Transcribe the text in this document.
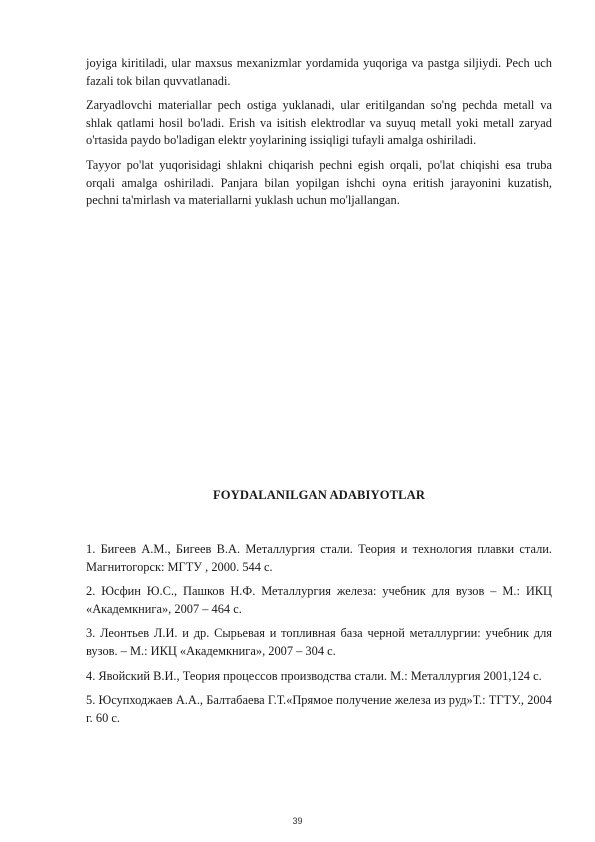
joyiga kiritiladi, ular maxsus mexanizmlar yordamida yuqoriga va pastga siljiydi. Pech uch fazali tok bilan quvvatlanadi.

Zaryadlovchi materiallar pech ostiga yuklanadi, ular eritilgandan so'ng pechda metall va shlak qatlami hosil bo'ladi. Erish va isitish elektrodlar va suyuq metall yoki metall zaryad o'rtasida paydo bo'ladigan elektr yoylarining issiqligi tufayli amalga oshiriladi.

Tayyor po'lat yuqorisidagi shlakni chiqarish pechni egish orqali, po'lat chiqishi esa truba orqali amalga oshiriladi. Panjara bilan yopilgan ishchi oyna eritish jarayonini kuzatish, pechni ta'mirlash va materiallarni yuklash uchun mo'ljallangan.

FOYDALANILGAN ADABIYOTLAR

1. Бигеев А.М., Бигеев В.А. Металлургия стали. Теория и технология плавки стали. Магнитогорск: МГТУ , 2000. 544 с.

2. Юсфин Ю.С., Пашков Н.Ф. Металлургия железа: учебник для вузов – М.: ИКЦ «Академкнига», 2007 – 464 с.

3. Леонтьев Л.И. и др. Сырьевая и топливная база черной металлургии: учебник для вузов. – М.: ИКЦ «Академкнига», 2007 – 304 с.

4. Явойский В.И., Теория процессов производства стали. М.: Металлургия 2001,124 с.

5. Юсупходжаев А.А., Балтабаева Г.Т.«Прямое получение железа из руд»Т.: ТГТУ., 2004 г. 60 с.

39
